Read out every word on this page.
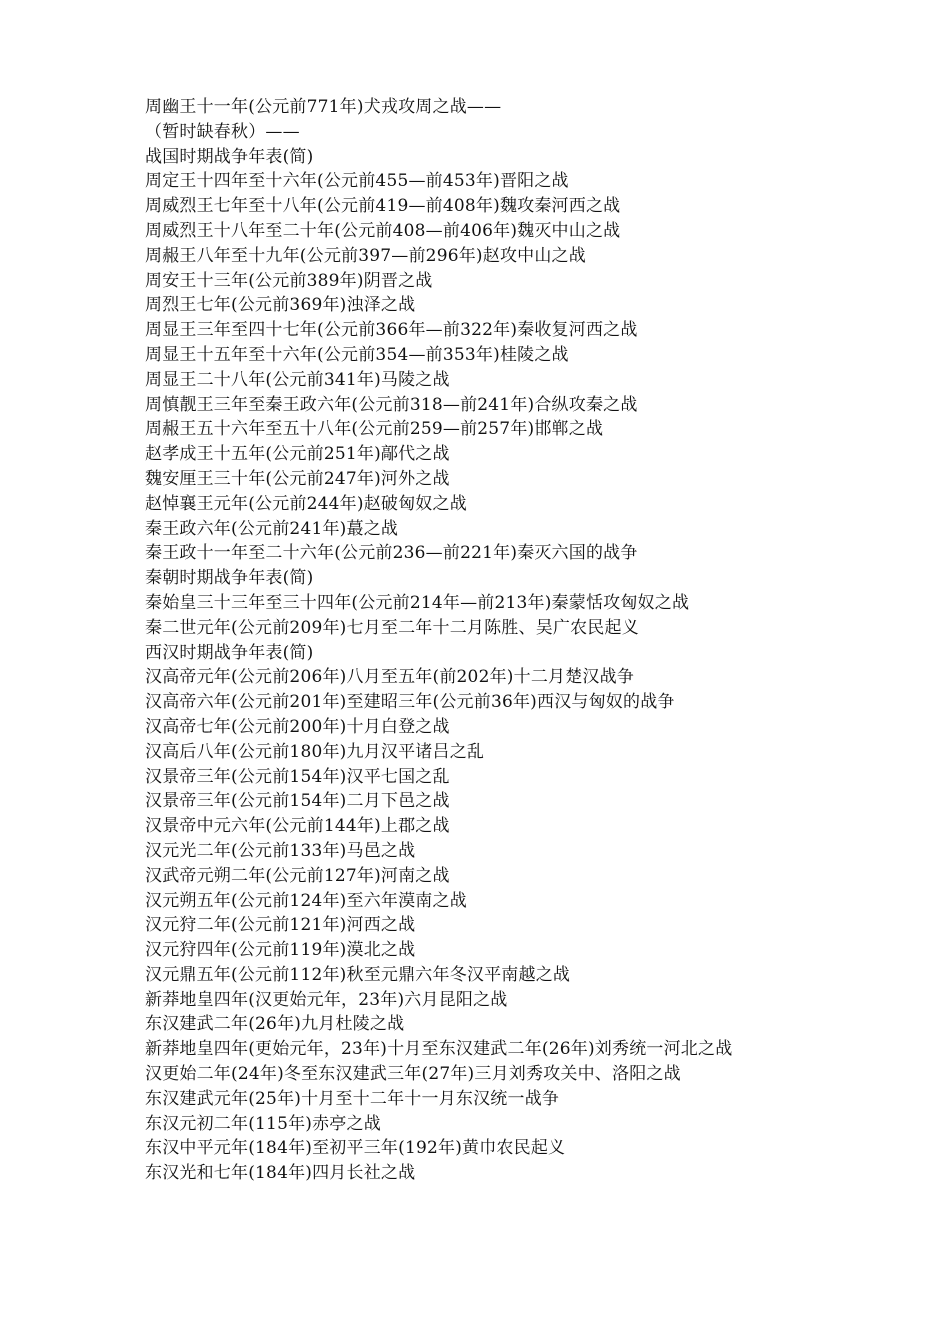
周幽王十一年(公元前771年)犬戎攻周之战——
（暂时缺春秋）——
战国时期战争年表(简)
周定王十四年至十六年(公元前455—前453年)晋阳之战
周威烈王七年至十八年(公元前419—前408年)魏攻秦河西之战
周威烈王十八年至二十年(公元前408—前406年)魏灭中山之战
周赧王八年至十九年(公元前397—前296年)赵攻中山之战
周安王十三年(公元前389年)阴晋之战
周烈王七年(公元前369年)浊泽之战
周显王三年至四十七年(公元前366年—前322年)秦收复河西之战
周显王十五年至十六年(公元前354—前353年)桂陵之战
周显王二十八年(公元前341年)马陵之战
周慎靓王三年至秦王政六年(公元前318—前241年)合纵攻秦之战
周赧王五十六年至五十八年(公元前259—前257年)邯郸之战
赵孝成王十五年(公元前251年)鄗代之战
魏安厘王三十年(公元前247年)河外之战
赵悼襄王元年(公元前244年)赵破匈奴之战
秦王政六年(公元前241年)蕞之战
秦王政十一年至二十六年(公元前236—前221年)秦灭六国的战争
秦朝时期战争年表(简)
秦始皇三十三年至三十四年(公元前214年—前213年)秦蒙恬攻匈奴之战
秦二世元年(公元前209年)七月至二年十二月陈胜、吴广农民起义
西汉时期战争年表(简)
汉高帝元年(公元前206年)八月至五年(前202年)十二月楚汉战争
汉高帝六年(公元前201年)至建昭三年(公元前36年)西汉与匈奴的战争
汉高帝七年(公元前200年)十月白登之战
汉高后八年(公元前180年)九月汉平诸吕之乱
汉景帝三年(公元前154年)汉平七国之乱
汉景帝三年(公元前154年)二月下邑之战
汉景帝中元六年(公元前144年)上郡之战
汉元光二年(公元前133年)马邑之战
汉武帝元朔二年(公元前127年)河南之战
汉元朔五年(公元前124年)至六年漠南之战
汉元狩二年(公元前121年)河西之战
汉元狩四年(公元前119年)漠北之战
汉元鼎五年(公元前112年)秋至元鼎六年冬汉平南越之战
新莽地皇四年(汉更始元年，23年)六月昆阳之战
东汉建武二年(26年)九月杜陵之战
新莽地皇四年(更始元年，23年)十月至东汉建武二年(26年)刘秀统一河北之战
汉更始二年(24年)冬至东汉建武三年(27年)三月刘秀攻关中、洛阳之战
东汉建武元年(25年)十月至十二年十一月东汉统一战争
东汉元初二年(115年)赤亭之战
东汉中平元年(184年)至初平三年(192年)黄巾农民起义
东汉光和七年(184年)四月长社之战
